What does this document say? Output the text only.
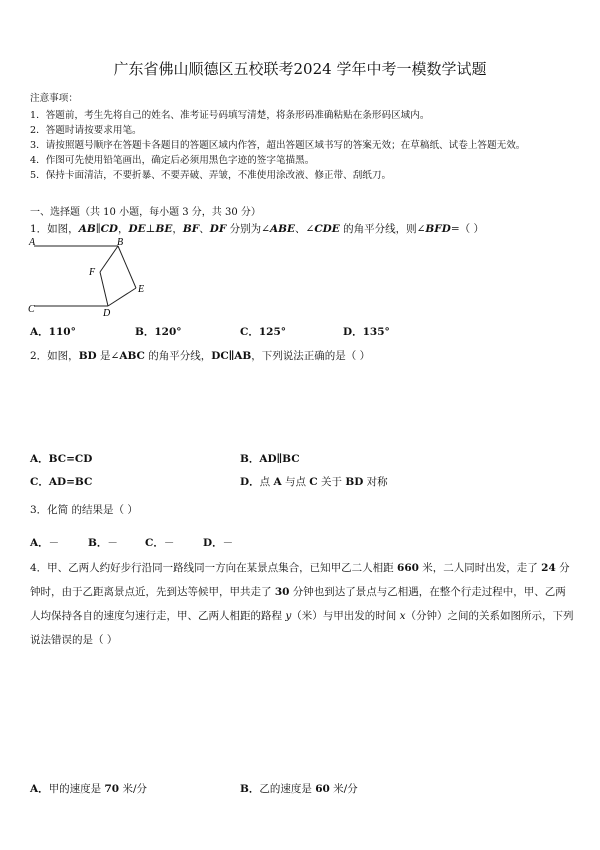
广东省佛山顺德区五校联考2024 学年中考一模数学试题
注意事项：
1．答题前，考生先将自己的姓名、准考证号码填写清楚，将条形码准确粘贴在条形码区域内。
2．答题时请按要求用笔。
3．请按照题号顺序在答题卡各题目的答题区域内作答，超出答题区域书写的答案无效；在草稿纸、试卷上答题无效。
4．作图可先使用铅笔画出，确定后必须用黑色字迹的签字笔描黑。
5．保持卡面清洁，不要折暴、不要弄破、弄皱，不准使用涂改液、修正带、刮纸刀。
一、选择题（共 10 小题，每小题 3 分，共 30 分）
1．如图，AB∥CD，DE⊥BE，BF、DF 分别为∠ABE、∠CDE 的角平分线，则∠BFD=（ ）
A	B
C	D
E
F
A．110°	B．120°	C．125°	D．135°
2．如图，BD 是∠ABC 的角平分线，DC∥AB，下列说法正确的是（ ）
A．BC=CD	B．AD∥BC
C．AD=BC	D．点 A 与点 C 关于 BD 对称
3．化简 的结果是（ ）
A．－	B．－	C．－	D．－
4．甲、乙两人约好步行沿同一路线同一方向在某景点集合，已知甲乙二人相距 660 米，二人同时出发，走了 24 分钟时，由于乙距离景点近，先到达等候甲，甲共走了 30 分钟也到达了景点与乙相遇，在整个行走过程中，甲、乙两人均保持各自的速度匀速行走，甲、乙两人相距的路程 y（米）与甲出发的时间 x（分钟）之间的关系如图所示，下列说法错误的是（ ）
A．甲的速度是 70 米/分	B．乙的速度是 60 米/分
